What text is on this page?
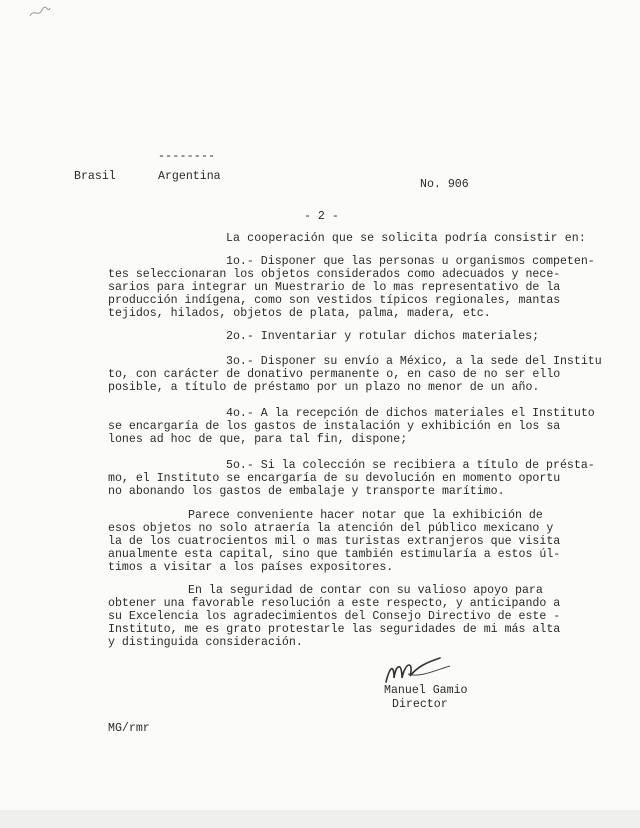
--------
Brasil	Argentina
No. 906
- 2 -
La cooperación que se solicita podría consistir en:
1o.- Disponer que las personas u organismos competen-
tes seleccionaran los objetos considerados como adecuados y nece-
sarios para integrar un Muestrario de lo mas representativo de la
producción indígena, como son vestidos típicos regionales, mantas
tejidos, hilados, objetos de plata, palma, madera, etc.
2o.- Inventariar y rotular dichos materiales;
3o.- Disponer su envío a México, a la sede del Institu
to, con carácter de donativo permanente o, en caso de no ser ello
posible, a título de préstamo por un plazo no menor de un año.
4o.- A la recepción de dichos materiales el Instituto
se encargaría de los gastos de instalación y exhibición en los sa
lones ad hoc de que, para tal fin, dispone;
5o.- Si la colección se recibiera a título de présta-
mo, el Instituto se encargaría de su devolución en momento oportu
no abonando los gastos de embalaje y transporte marítimo.
Parece conveniente hacer notar que la exhibición de
esos objetos no solo atraería la atención del público mexicano y
la de los cuatrocientos mil o mas turistas extranjeros que visita
anualmente esta capital, sino que también estimularía a estos úl-
timos a visitar a los países expositores.
En la seguridad de contar con su valioso apoyo para
obtener una favorable resolución a este respecto, y anticipando a
su Excelencia los agradecimientos del Consejo Directivo de este -
Instituto, me es grato protestarle las seguridades de mi más alta
y distinguida consideración.
Manuel Gamio
Director
MG/rmr
